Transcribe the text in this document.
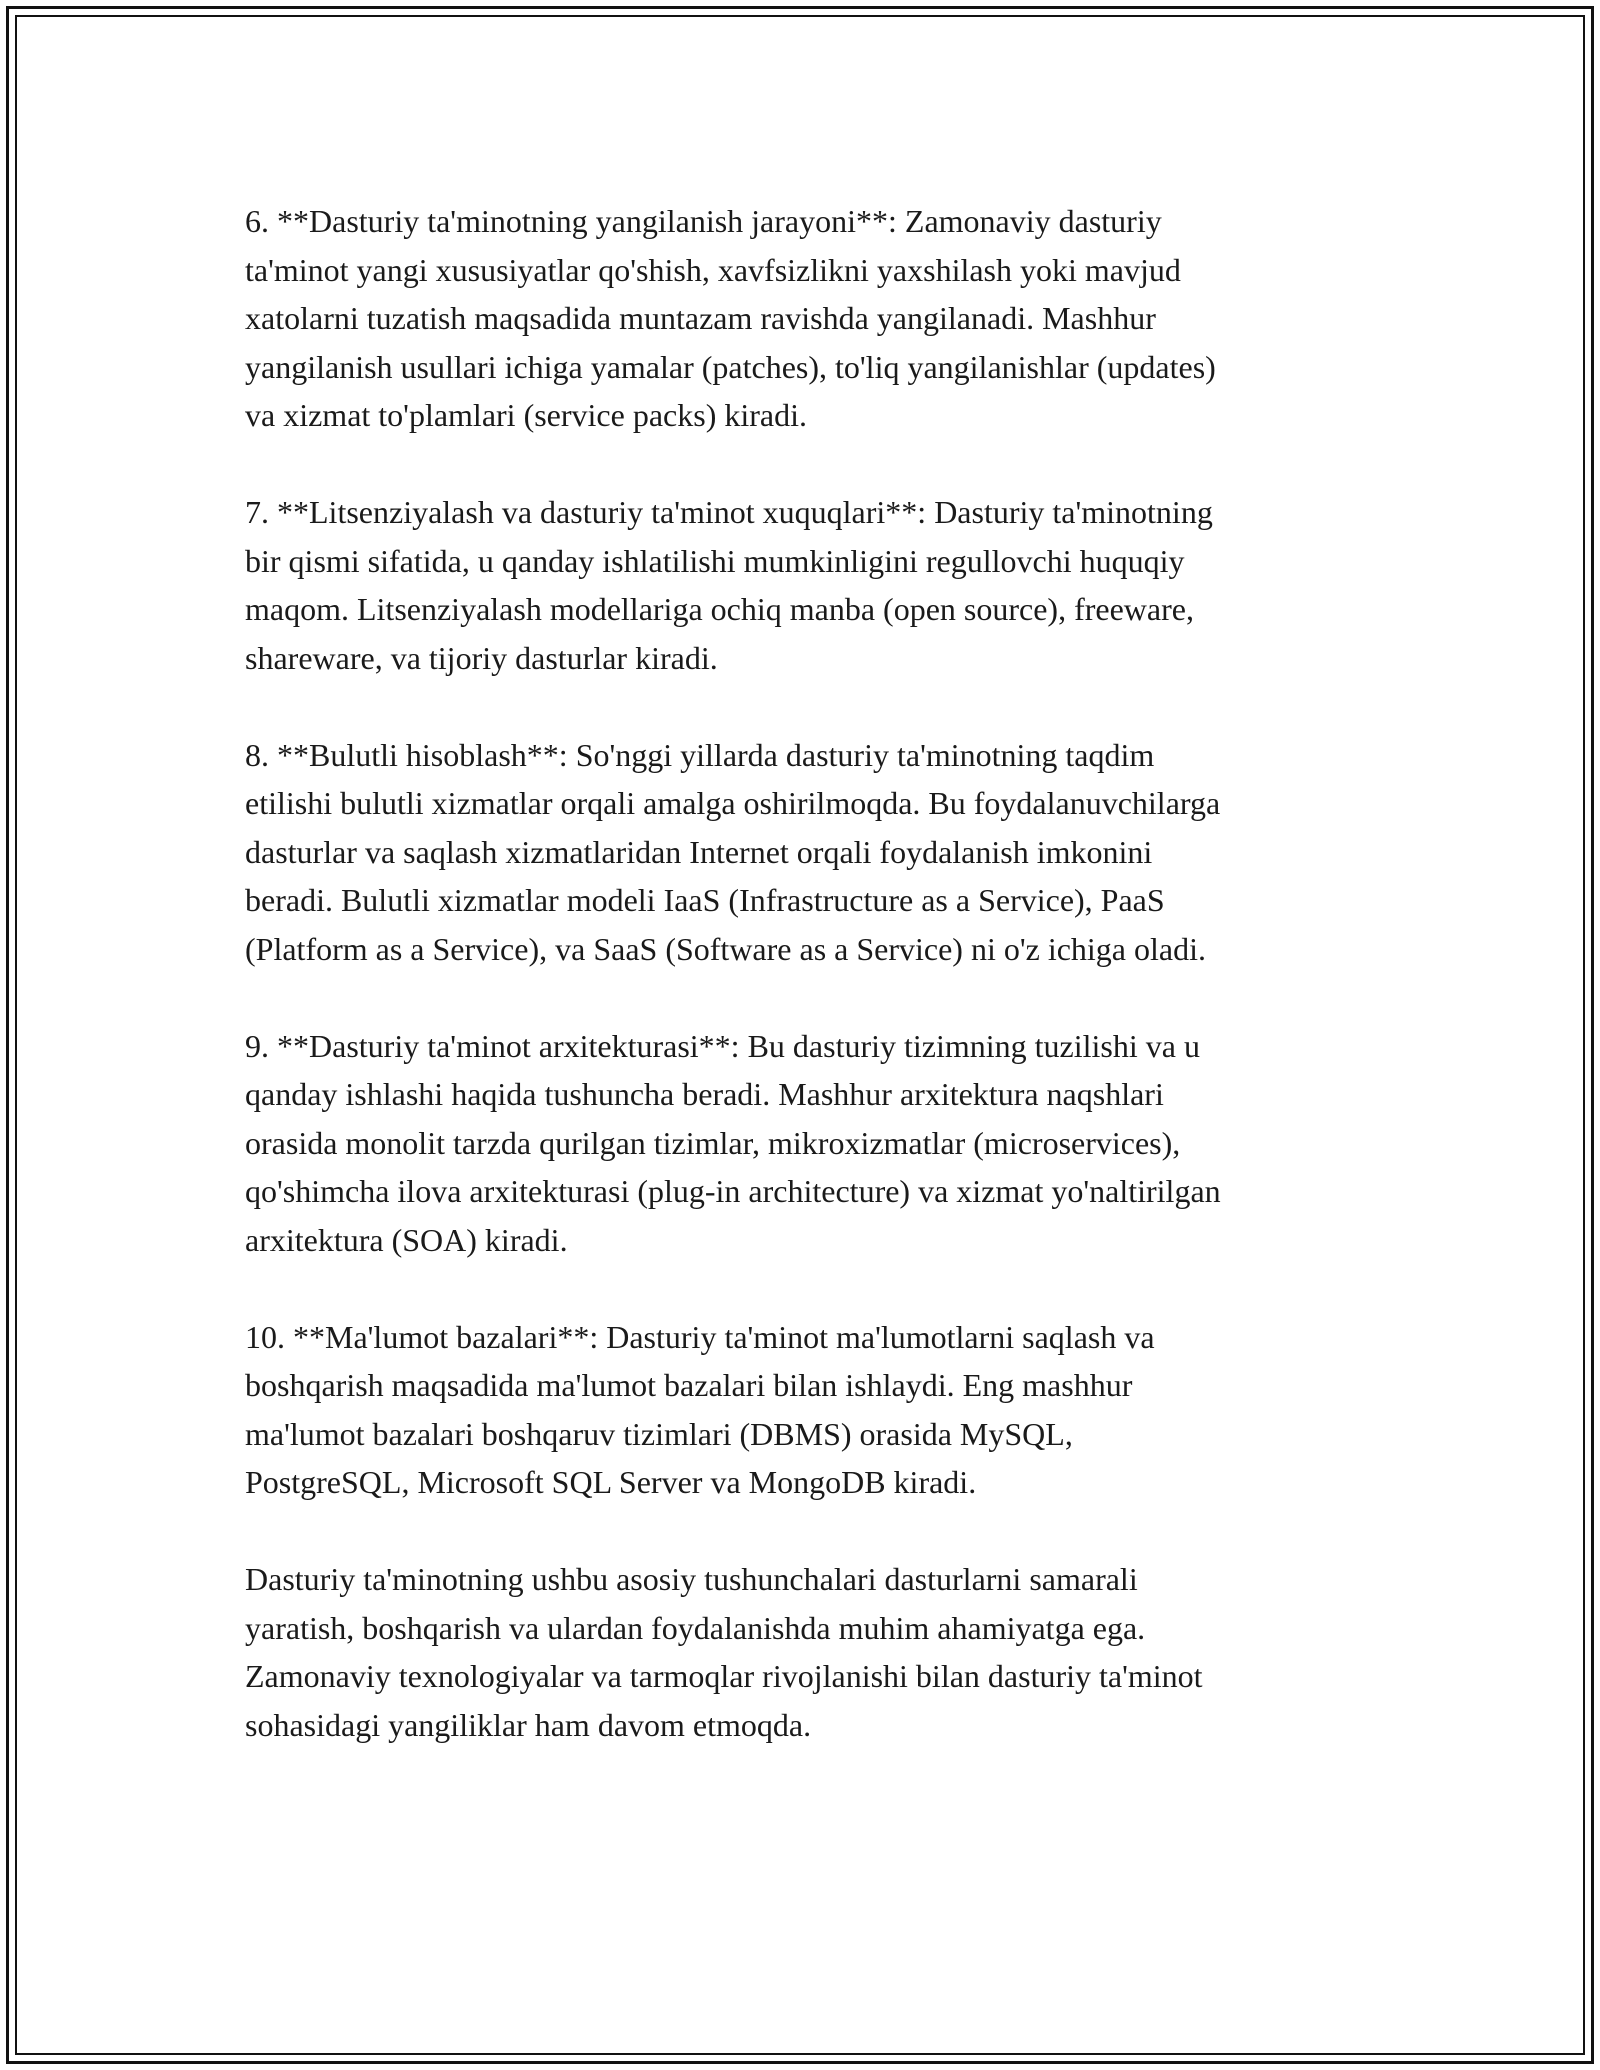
6. **Dasturiy ta'minotning yangilanish jarayoni**: Zamonaviy dasturiy
ta'minot yangi xususiyatlar qo'shish, xavfsizlikni yaxshilash yoki mavjud
xatolarni tuzatish maqsadida muntazam ravishda yangilanadi. Mashhur
yangilanish usullari ichiga yamalar (patches), to'liq yangilanishlar (updates)
va xizmat to'plamlari (service packs) kiradi.

7. **Litsenziyalash va dasturiy ta'minot xuquqlari**: Dasturiy ta'minotning
bir qismi sifatida, u qanday ishlatilishi mumkinligini regullovchi huquqiy
maqom. Litsenziyalash modellariga ochiq manba (open source), freeware,
shareware, va tijoriy dasturlar kiradi.

8. **Bulutli hisoblash**: So'nggi yillarda dasturiy ta'minotning taqdim
etilishi bulutli xizmatlar orqali amalga oshirilmoqda. Bu foydalanuvchilarga
dasturlar va saqlash xizmatlaridan Internet orqali foydalanish imkonini
beradi. Bulutli xizmatlar modeli IaaS (Infrastructure as a Service), PaaS
(Platform as a Service), va SaaS (Software as a Service) ni o'z ichiga oladi.

9. **Dasturiy ta'minot arxitekturasi**: Bu dasturiy tizimning tuzilishi va u
qanday ishlashi haqida tushuncha beradi. Mashhur arxitektura naqshlari
orasida monolit tarzda qurilgan tizimlar, mikroxizmatlar (microservices),
qo'shimcha ilova arxitekturasi (plug-in architecture) va xizmat yo'naltirilgan
arxitektura (SOA) kiradi.

10. **Ma'lumot bazalari**: Dasturiy ta'minot ma'lumotlarni saqlash va
boshqarish maqsadida ma'lumot bazalari bilan ishlaydi. Eng mashhur
ma'lumot bazalari boshqaruv tizimlari (DBMS) orasida MySQL,
PostgreSQL, Microsoft SQL Server va MongoDB kiradi.

Dasturiy ta'minotning ushbu asosiy tushunchalari dasturlarni samarali
yaratish, boshqarish va ulardan foydalanishda muhim ahamiyatga ega.
Zamonaviy texnologiyalar va tarmoqlar rivojlanishi bilan dasturiy ta'minot
sohasidagi yangiliklar ham davom etmoqda.
